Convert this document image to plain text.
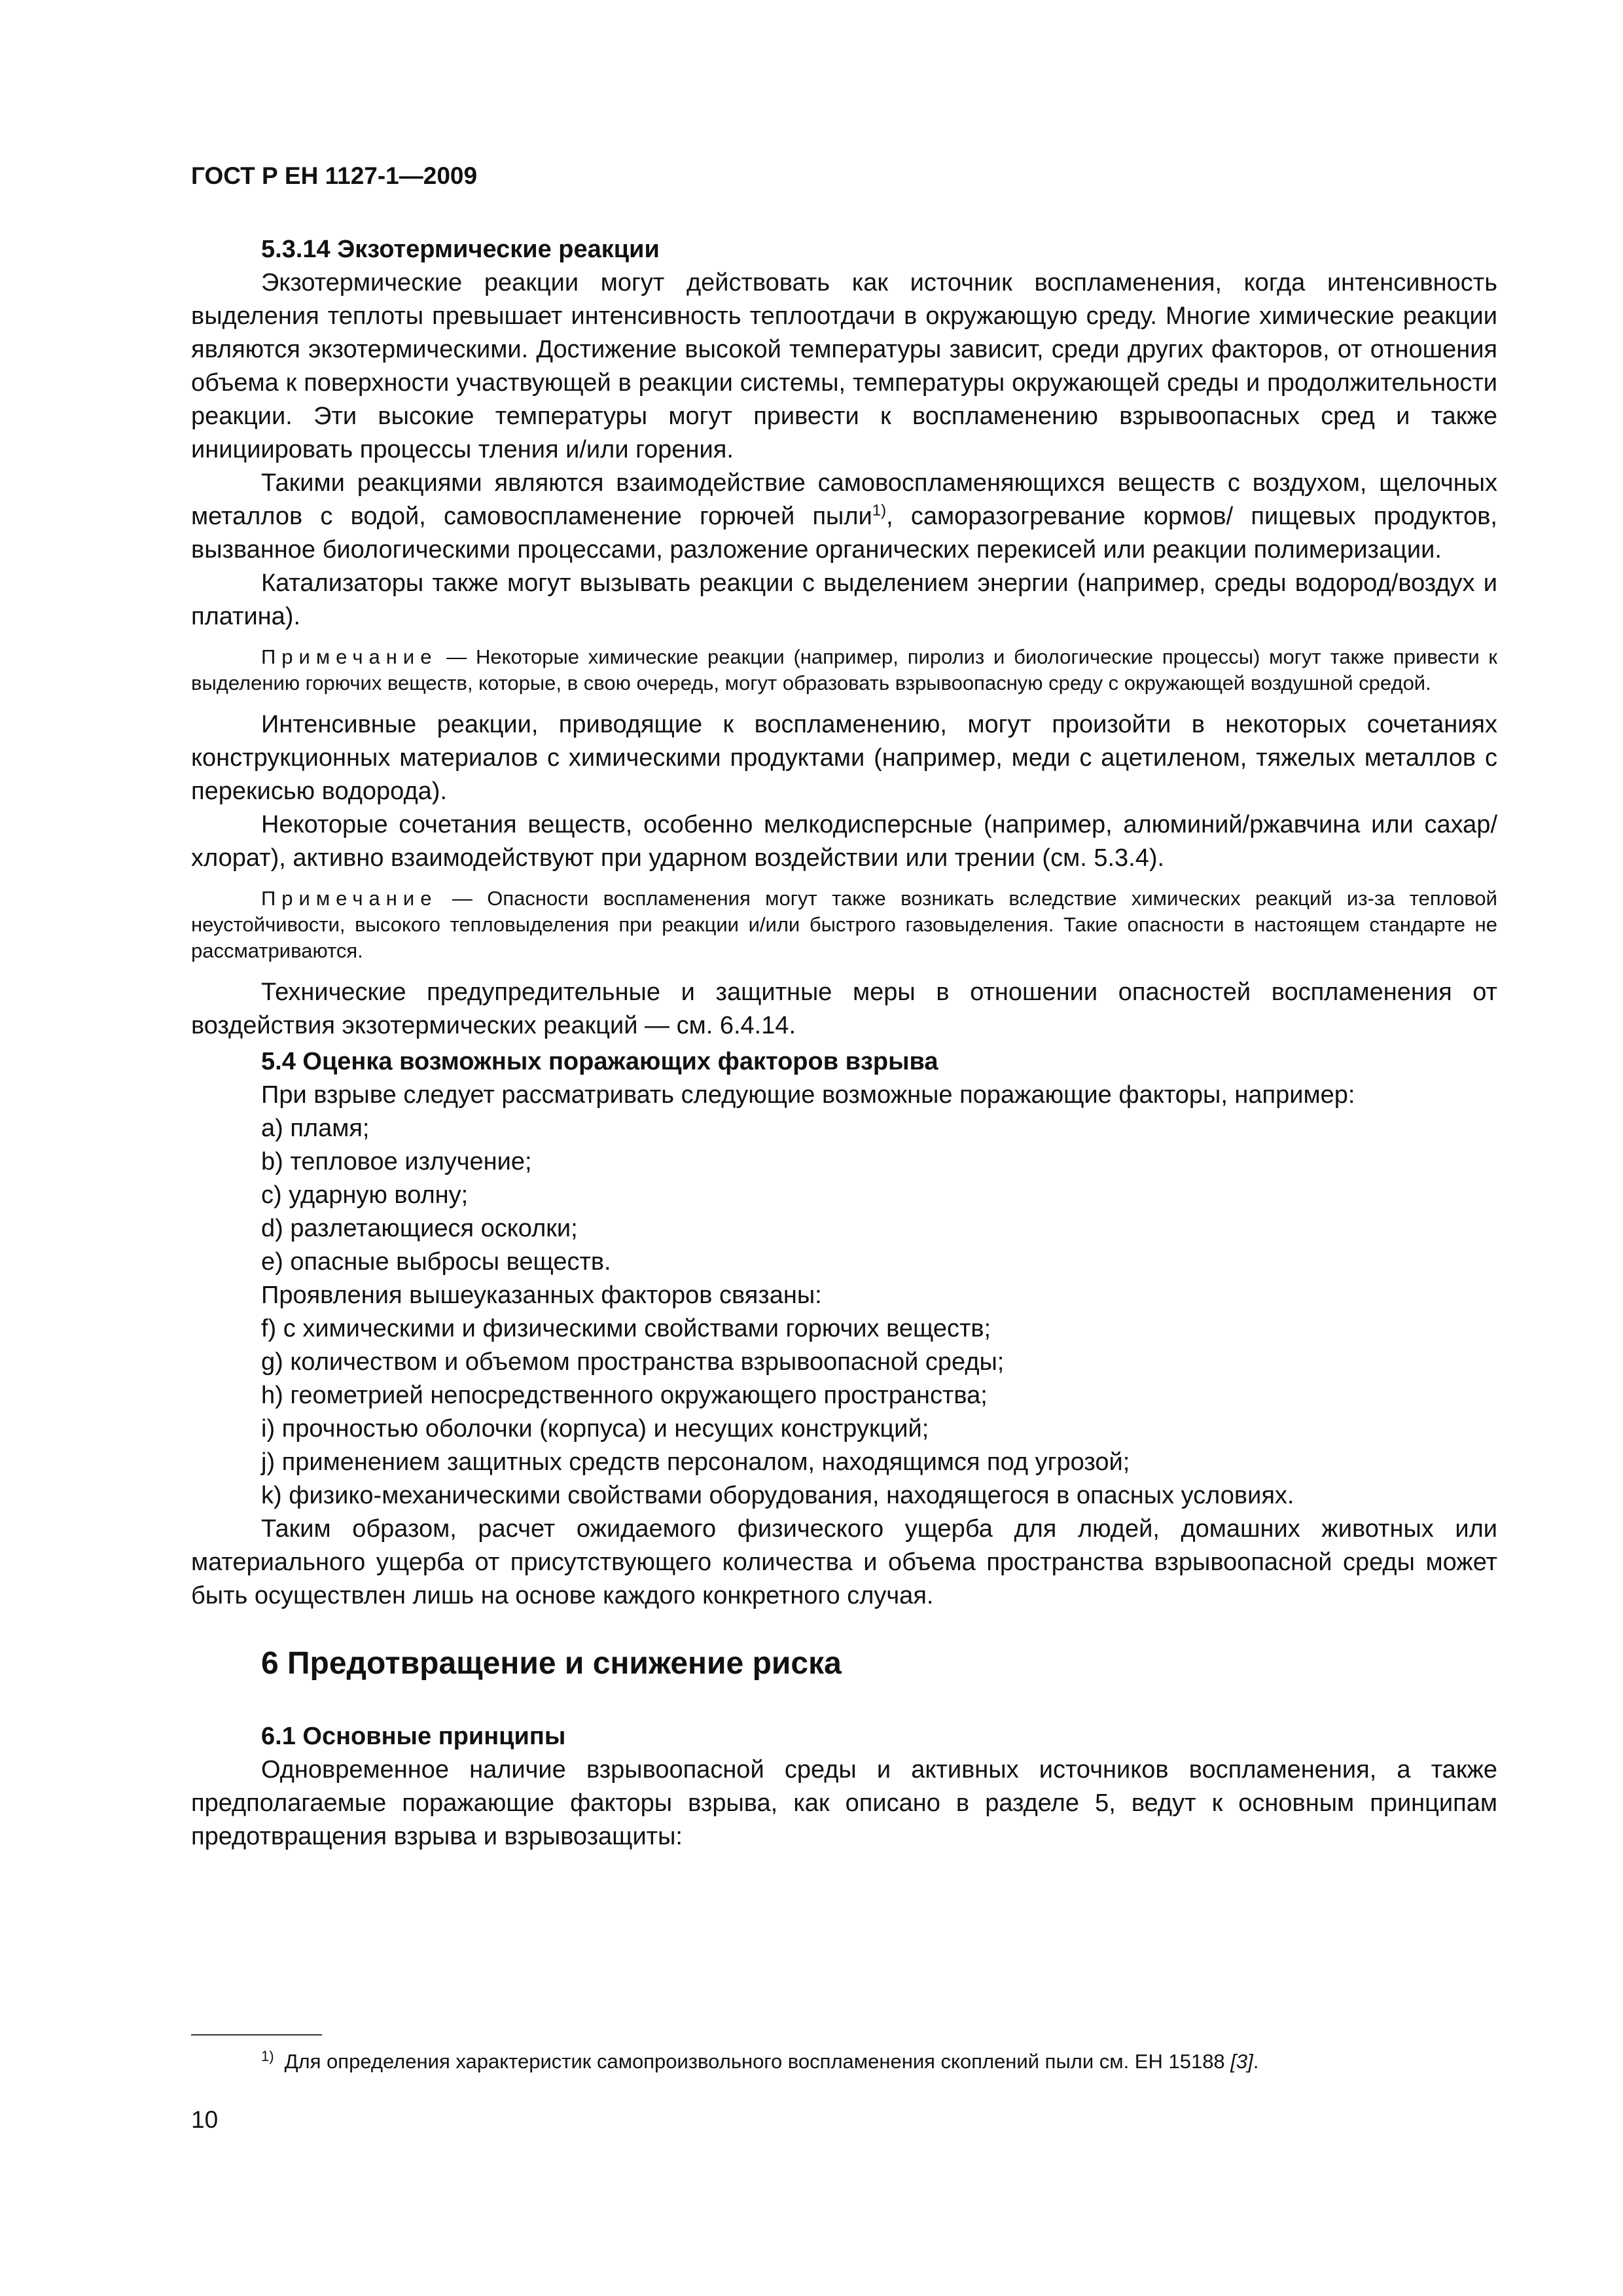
ГОСТ Р ЕН 1127-1—2009

5.3.14 Экзотермические реакции

Экзотермические реакции могут действовать как источник воспламенения, когда интенсивность выделения теплоты превышает интенсивность теплоотдачи в окружающую среду. Многие химические реакции являются экзотермическими. Достижение высокой температуры зависит, среди других факторов, от отношения объема к поверхности участвующей в реакции системы, температуры окружающей среды и продолжительности реакции. Эти высокие температуры могут привести к воспламенению взрывоопасных сред и также инициировать процессы тления и/или горения.

Такими реакциями являются взаимодействие самовоспламеняющихся веществ с воздухом, щелочных металлов с водой, самовоспламенение горючей пыли$^{1)}$, саморазогревание кормов/ пищевых продуктов, вызванное биологическими процессами, разложение органических перекисей или реакции полимеризации.

Катализаторы также могут вызывать реакции с выделением энергии (например, среды водород/воздух и платина).

Примечание — Некоторые химические реакции (например, пиролиз и биологические процессы) могут также привести к выделению горючих веществ, которые, в свою очередь, могут образовать взрывоопасную среду с окружающей воздушной средой.

Интенсивные реакции, приводящие к воспламенению, могут произойти в некоторых сочетаниях конструкционных материалов с химическими продуктами (например, меди с ацетиленом, тяжелых металлов с перекисью водорода).

Некоторые сочетания веществ, особенно мелкодисперсные (например, алюминий/ржавчина или сахар/хлорат), активно взаимодействуют при ударном воздействии или трении (см. 5.3.4).

Примечание — Опасности воспламенения могут также возникать вследствие химических реакций из-за тепловой неустойчивости, высокого тепловыделения при реакции и/или быстрого газовыделения. Такие опасности в настоящем стандарте не рассматриваются.

Технические предупредительные и защитные меры в отношении опасностей воспламенения от воздействия экзотермических реакций — см. 6.4.14.

5.4 Оценка возможных поражающих факторов взрыва

При взрыве следует рассматривать следующие возможные поражающие факторы, например:

a) пламя;
b) тепловое излучение;
c) ударную волну;
d) разлетающиеся осколки;
e) опасные выбросы веществ.

Проявления вышеуказанных факторов связаны:

f) с химическими и физическими свойствами горючих веществ;
g) количеством и объемом пространства взрывоопасной среды;
h) геометрией непосредственного окружающего пространства;
i) прочностью оболочки (корпуса) и несущих конструкций;
j) применением защитных средств персоналом, находящимся под угрозой;
k) физико-механическими свойствами оборудования, находящегося в опасных условиях.

Таким образом, расчет ожидаемого физического ущерба для людей, домашних животных или материального ущерба от присутствующего количества и объема пространства взрывоопасной среды может быть осуществлен лишь на основе каждого конкретного случая.

6 Предотвращение и снижение риска

6.1 Основные принципы

Одновременное наличие взрывоопасной среды и активных источников воспламенения, а также предполагаемые поражающие факторы взрыва, как описано в разделе 5, ведут к основным принципам предотвращения взрыва и взрывозащиты:

$^{1)}$ Для определения характеристик самопроизвольного воспламенения скоплений пыли см. ЕН 15188 [3].
10
